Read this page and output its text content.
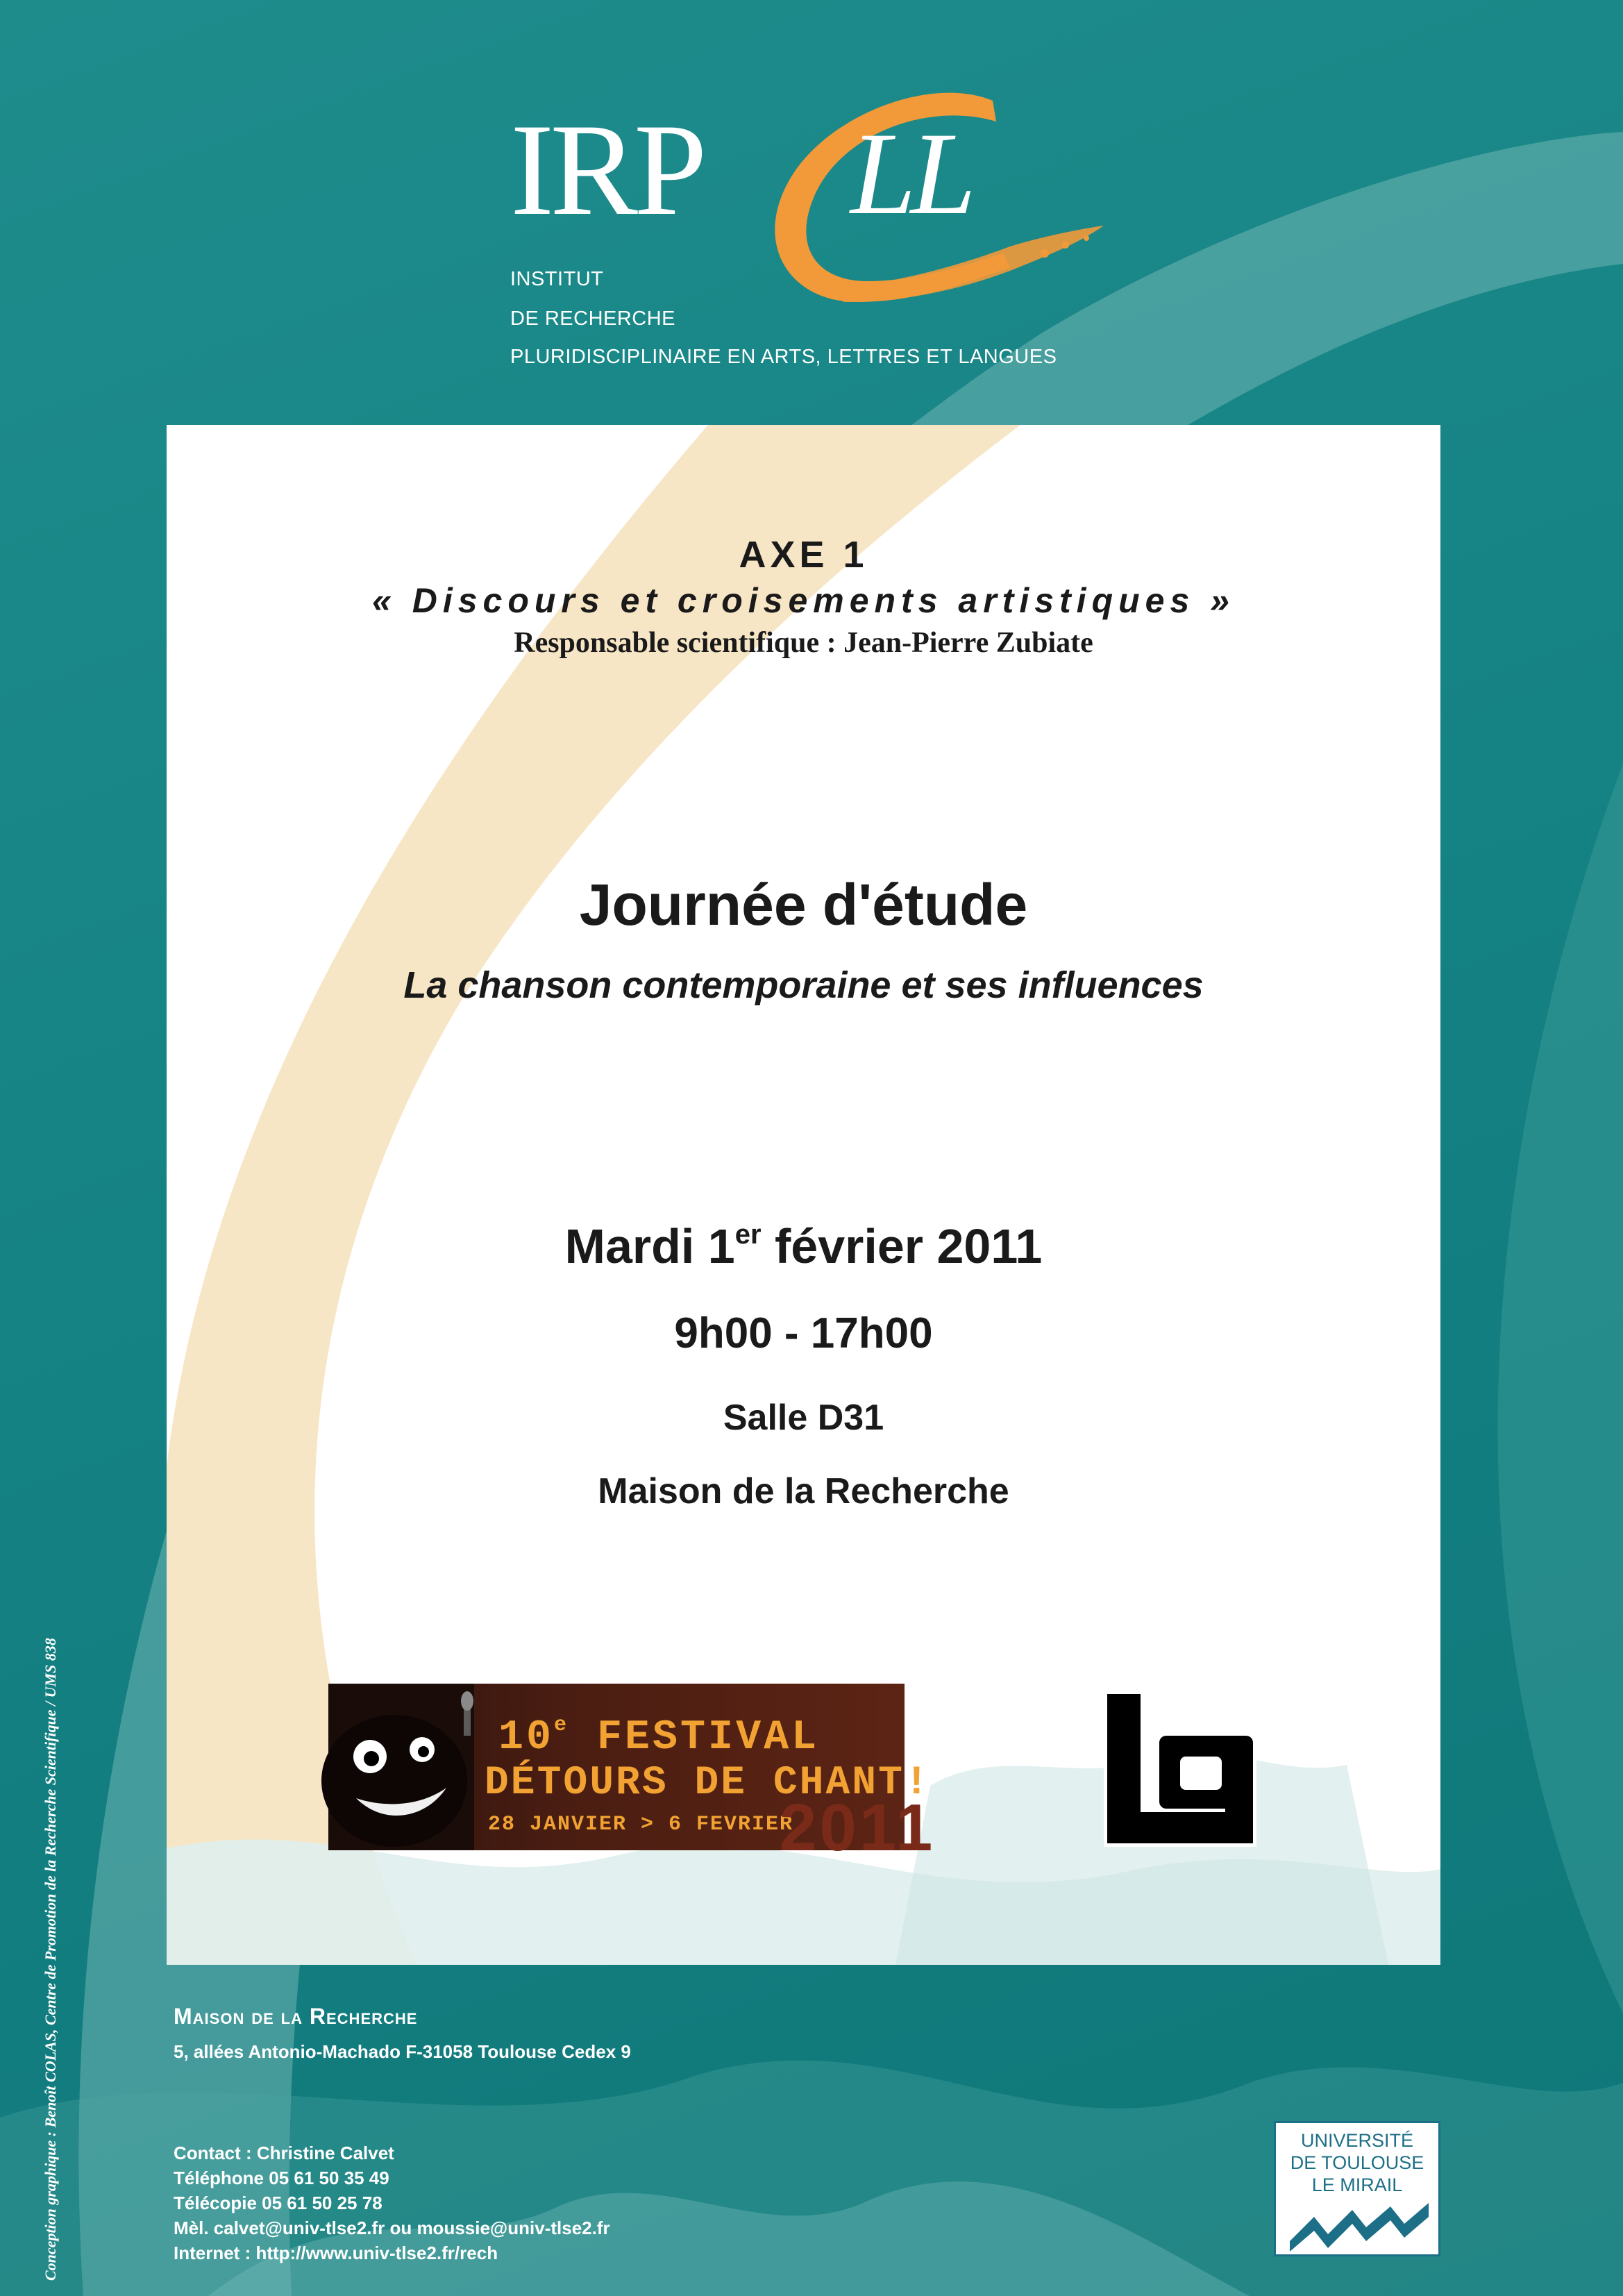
IRP LL
INSTITUT
DE RECHERCHE
PLURIDISCIPLINAIRE EN ARTS, LETTRES ET LANGUES
AXE 1
« Discours et croisements artistiques »
Responsable scientifique : Jean-Pierre Zubiate
Journée d'étude
La chanson contemporaine et ses influences
Mardi 1er février 2011
9h00 - 17h00
Salle D31
Maison de la Recherche
10e FESTIVAL
DÉTOURS DE CHANT!
28 JANVIER > 6 FEVRIER
2011
Conception graphique : Benoît COLAS, Centre de Promotion de la Recherche Scientifique / UMS 838	Maison de la Recherche
5, allées Antonio-Machado F-31058 Toulouse Cedex 9
Contact : Christine Calvet
Téléphone 05 61 50 35 49
Télécopie 05 61 50 25 78
Mèl. calvet@univ-tlse2.fr ou moussie@univ-tlse2.fr
Internet : http://www.univ-tlse2.fr/rech
UNIVERSITÉ
DE TOULOUSE
LE MIRAIL
